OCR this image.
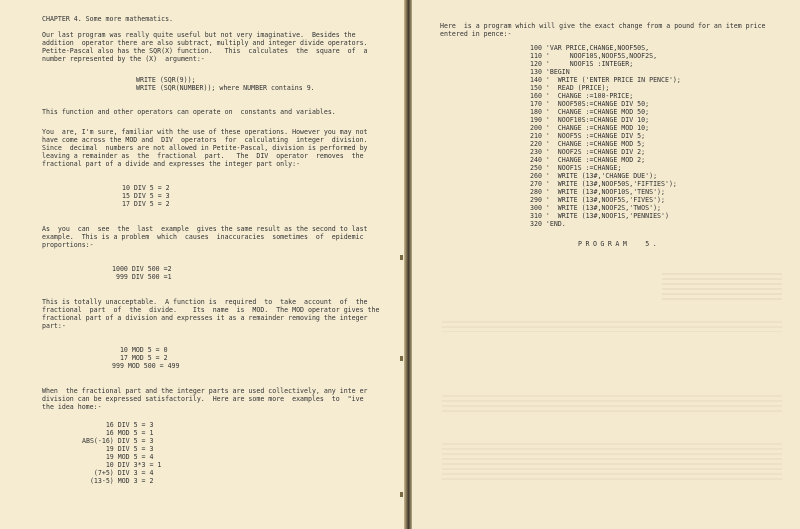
CHAPTER 4. Some more mathematics.
Our last program was really quite useful but not very imaginative.  Besides the
addition  operator there are also subtract, multiply and integer divide operators.
Petite-Pascal also has the SQR(X) function.   This  calculates  the  square  of  a
number represented by the (X)  argument:-
WRITE (SQR(9));
WRITE (SQR(NUMBER)); where NUMBER contains 9.
This function and other operators can operate on  constants and variables.
You  are, I'm sure, familiar with the use of these operations. However you may not
have come across the MOD and  DIV  operators  for  calculating  integer  division.
Since  decimal  numbers are not allowed in Petite-Pascal, division is performed by
leaving a remainder as  the  fractional  part.   The  DIV  operator  removes  the
fractional part of a divide and expresses the integer part only:-
10 DIV 5 = 2
15 DIV 5 = 3
17 DIV 5 = 2
As  you  can  see  the  last  example  gives the same result as the second to last
example.  This is a problem  which  causes  inaccuracies  sometimes  of  epidemic
proportions:-
1000 DIV 500 =2
999 DIV 500 =1
This is totally unacceptable.  A function is  required  to  take  account  of  the
fractional  part  of  the  divide.    Its  name  is  MOD.  The MOD operator gives the
fractional part of a division and expresses it as a remainder removing the integer
part:-
10 MOD 5 = 0
17 MOD 5 = 2
999 MOD 500 = 499
When  the fractional part and the integer parts are used collectively, any inte er
division can be expressed satisfactorily.  Here are some more  examples  to  "ive
the idea home:-
16 DIV 5 = 3
16 MOD 5 = 1
ABS(-16) DIV 5 = 3
19 DIV 5 = 3
19 MOD 5 = 4
10 DIV 3*3 = 1
(7+5) DIV 3 = 4
(13-5) MOD 3 = 2
Here  is a program which will give the exact change from a pound for an item price
entered in pence:-
100 'VAR PRICE,CHANGE,NOOF50S,
110 '     NOOF10S,NOOF5S,NOOF2S,
120 '     NOOF1S :INTEGER;
130 'BEGIN
140 '  WRITE ('ENTER PRICE IN PENCE');
150 '  READ (PRICE);
160 '  CHANGE :=100-PRICE;
170 '  NOOF50S:=CHANGE DIV 50;
180 '  CHANGE :=CHANGE MOD 50;
190 '  NOOF10S:=CHANGE DIV 10;
200 '  CHANGE :=CHANGE MOD 10;
210 '  NOOF5S :=CHANGE DIV 5;
220 '  CHANGE :=CHANGE MOD 5;
230 '  NOOF2S :=CHANGE DIV 2;
240 '  CHANGE :=CHANGE MOD 2;
250 '  NOOF1S :=CHANGE;
260 '  WRITE (13#,'CHANGE DUE');
270 '  WRITE (13#,NOOF50S,'FIFTIES');
280 '  WRITE (13#,NOOF10S,'TENS');
290 '  WRITE (13#,NOOF5S,'FIVES');
300 '  WRITE (13#,NOOF2S,'TWOS');
310 '  WRITE (13#,NOOF1S,'PENNIES')
320 'END.
PROGRAM  5.
